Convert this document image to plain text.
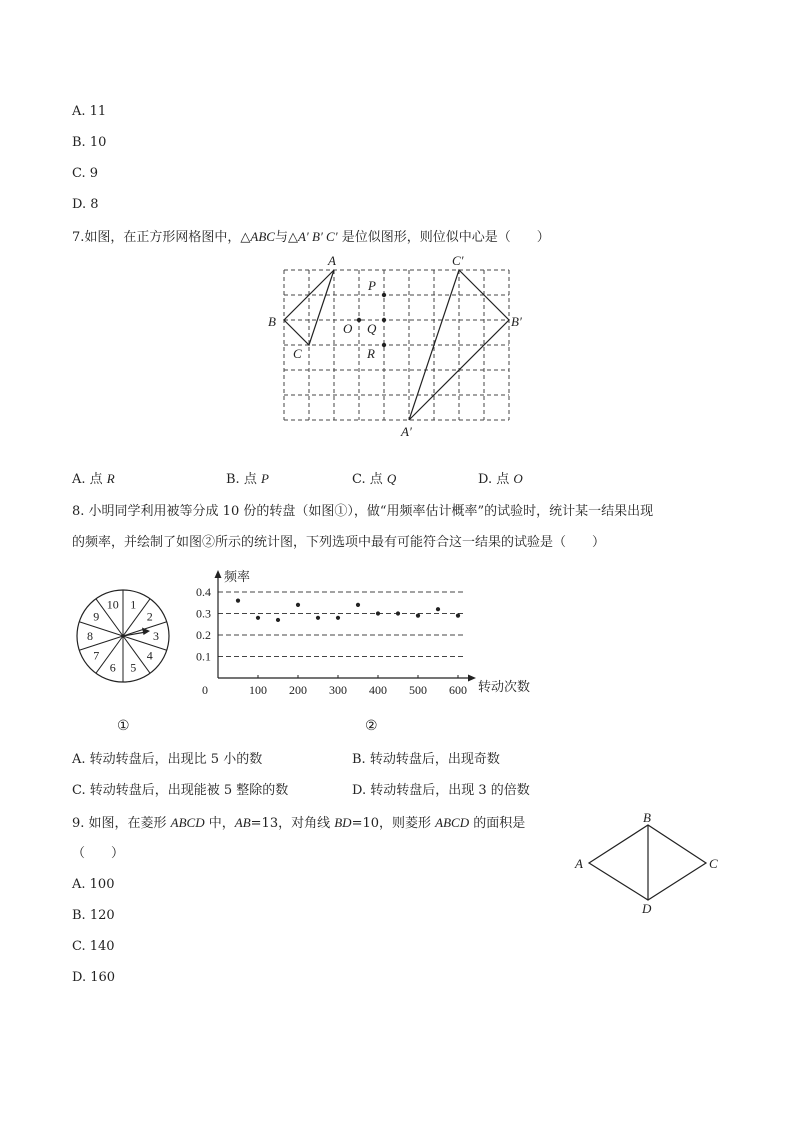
A. 11
B. 10
C. 9
D. 8
7.如图，在正方形网格图中，△ABC与△A′ B′ C′ 是位似图形，则位似中心是（　　）
A
B
C
C′
B′
A′
P
O Q
R
A. 点 R	B. 点 P	C. 点 Q	D. 点 O
8. 小明同学利用被等分成 10 份的转盘（如图①），做“用频率估计概率”的试验时，统计某一结果出现
的频率，并绘制了如图②所示的统计图，下列选项中最有可能符合这一结果的试验是（　　）
1
2
3
4
5
6
7
8
9
10
①
100 200 300 400 500 600
0.1
0.2
0.3
0.4
0
频率
转动次数
②
A. 转动转盘后，出现比 5 小的数	B. 转动转盘后，出现奇数
C. 转动转盘后，出现能被 5 整除的数	D. 转动转盘后，出现 3 的倍数
9. 如图，在菱形 ABCD 中，AB=13，对角线 BD=10，则菱形 ABCD 的面积是
（　　）
A. 100
B. 120
C. 140
D. 160
A
B
C
D
